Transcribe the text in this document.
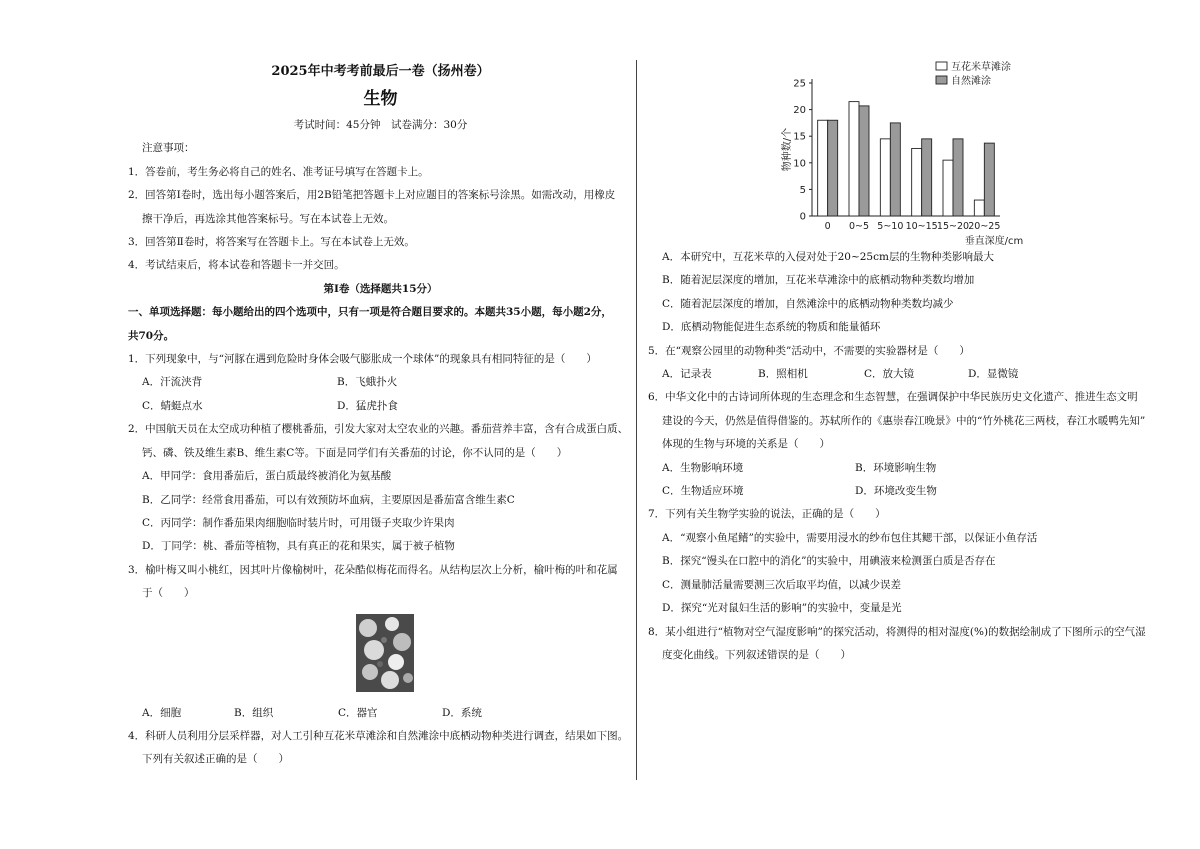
2025年中考考前最后一卷（扬州卷）
生物
考试时间：45分钟　试卷满分：30分
注意事项：
1．答卷前，考生务必将自己的姓名、准考证号填写在答题卡上。
2．回答第Ⅰ卷时，选出每小题答案后，用2B铅笔把答题卡上对应题目的答案标号涂黑。如需改动，用橡皮
擦干净后，再选涂其他答案标号。写在本试卷上无效。
3．回答第Ⅱ卷时，将答案写在答题卡上。写在本试卷上无效。
4．考试结束后，将本试卷和答题卡一并交回。
第Ⅰ卷（选择题共15分）
一、单项选择题：每小题给出的四个选项中，只有一项是符合题目要求的。本题共35小题，每小题2分，
共70分。
1．下列现象中，与“河豚在遇到危险时身体会吸气膨胀成一个球体”的现象具有相同特征的是（　　）
A．汗流浃背	B．飞蛾扑火
C．蜻蜓点水	D．猛虎扑食
2．中国航天员在太空成功种植了樱桃番茄，引发大家对太空农业的兴趣。番茄营养丰富，含有合成蛋白质、
钙、磷、铁及维生素B、维生素C等。下面是同学们有关番茄的讨论，你不认同的是（　　）
A．甲同学：食用番茄后，蛋白质最终被消化为氨基酸
B．乙同学：经常食用番茄，可以有效预防坏血病，主要原因是番茄富含维生素C
C．丙同学：制作番茄果肉细胞临时装片时，可用镊子夹取少许果肉
D．丁同学：桃、番茄等植物，具有真正的花和果实，属于被子植物
3．榆叶梅又叫小桃红，因其叶片像榆树叶，花朵酷似梅花而得名。从结构层次上分析，榆叶梅的叶和花属
于（　　）
A．细胞	B．组织	C．器官	D．系统
4．科研人员利用分层采样器，对人工引种互花米草滩涂和自然滩涂中底栖动物种类进行调查，结果如下图。
下列有关叙述正确的是（　　）
0
5
10
15
20
25
物种数/个
0 0~5 5~10 10~15 15~20 20~25
垂直深度/cm
互花米草滩涂
自然滩涂
A．本研究中，互花米草的入侵对处于20~25cm层的生物种类影响最大
B．随着泥层深度的增加，互花米草滩涂中的底栖动物种类数均增加
C．随着泥层深度的增加，自然滩涂中的底栖动物种类数均减少
D．底栖动物能促进生态系统的物质和能量循环
5．在“观察公园里的动物种类”活动中，不需要的实验器材是（　　）
A．记录表	B．照相机	C．放大镜	D．显微镜
6．中华文化中的古诗词所体现的生态理念和生态智慧，在强调保护中华民族历史文化遗产、推进生态文明
建设的今天，仍然是值得借鉴的。苏轼所作的《惠崇春江晚景》中的“竹外桃花三两枝，春江水暖鸭先知”
体现的生物与环境的关系是（　　）
A．生物影响环境	B．环境影响生物
C．生物适应环境	D．环境改变生物
7．下列有关生物学实验的说法，正确的是（　　）
A．“观察小鱼尾鳍”的实验中，需要用浸水的纱布包住其鳃干部，以保证小鱼存活
B．探究“馒头在口腔中的消化”的实验中，用碘液来检测蛋白质是否存在
C．测量肺活量需要测三次后取平均值，以减少误差
D．探究“光对鼠妇生活的影响”的实验中，变量是光
8．某小组进行“植物对空气湿度影响”的探究活动，将测得的相对湿度(%)的数据绘制成了下图所示的空气湿
度变化曲线。下列叙述错误的是（　　）
